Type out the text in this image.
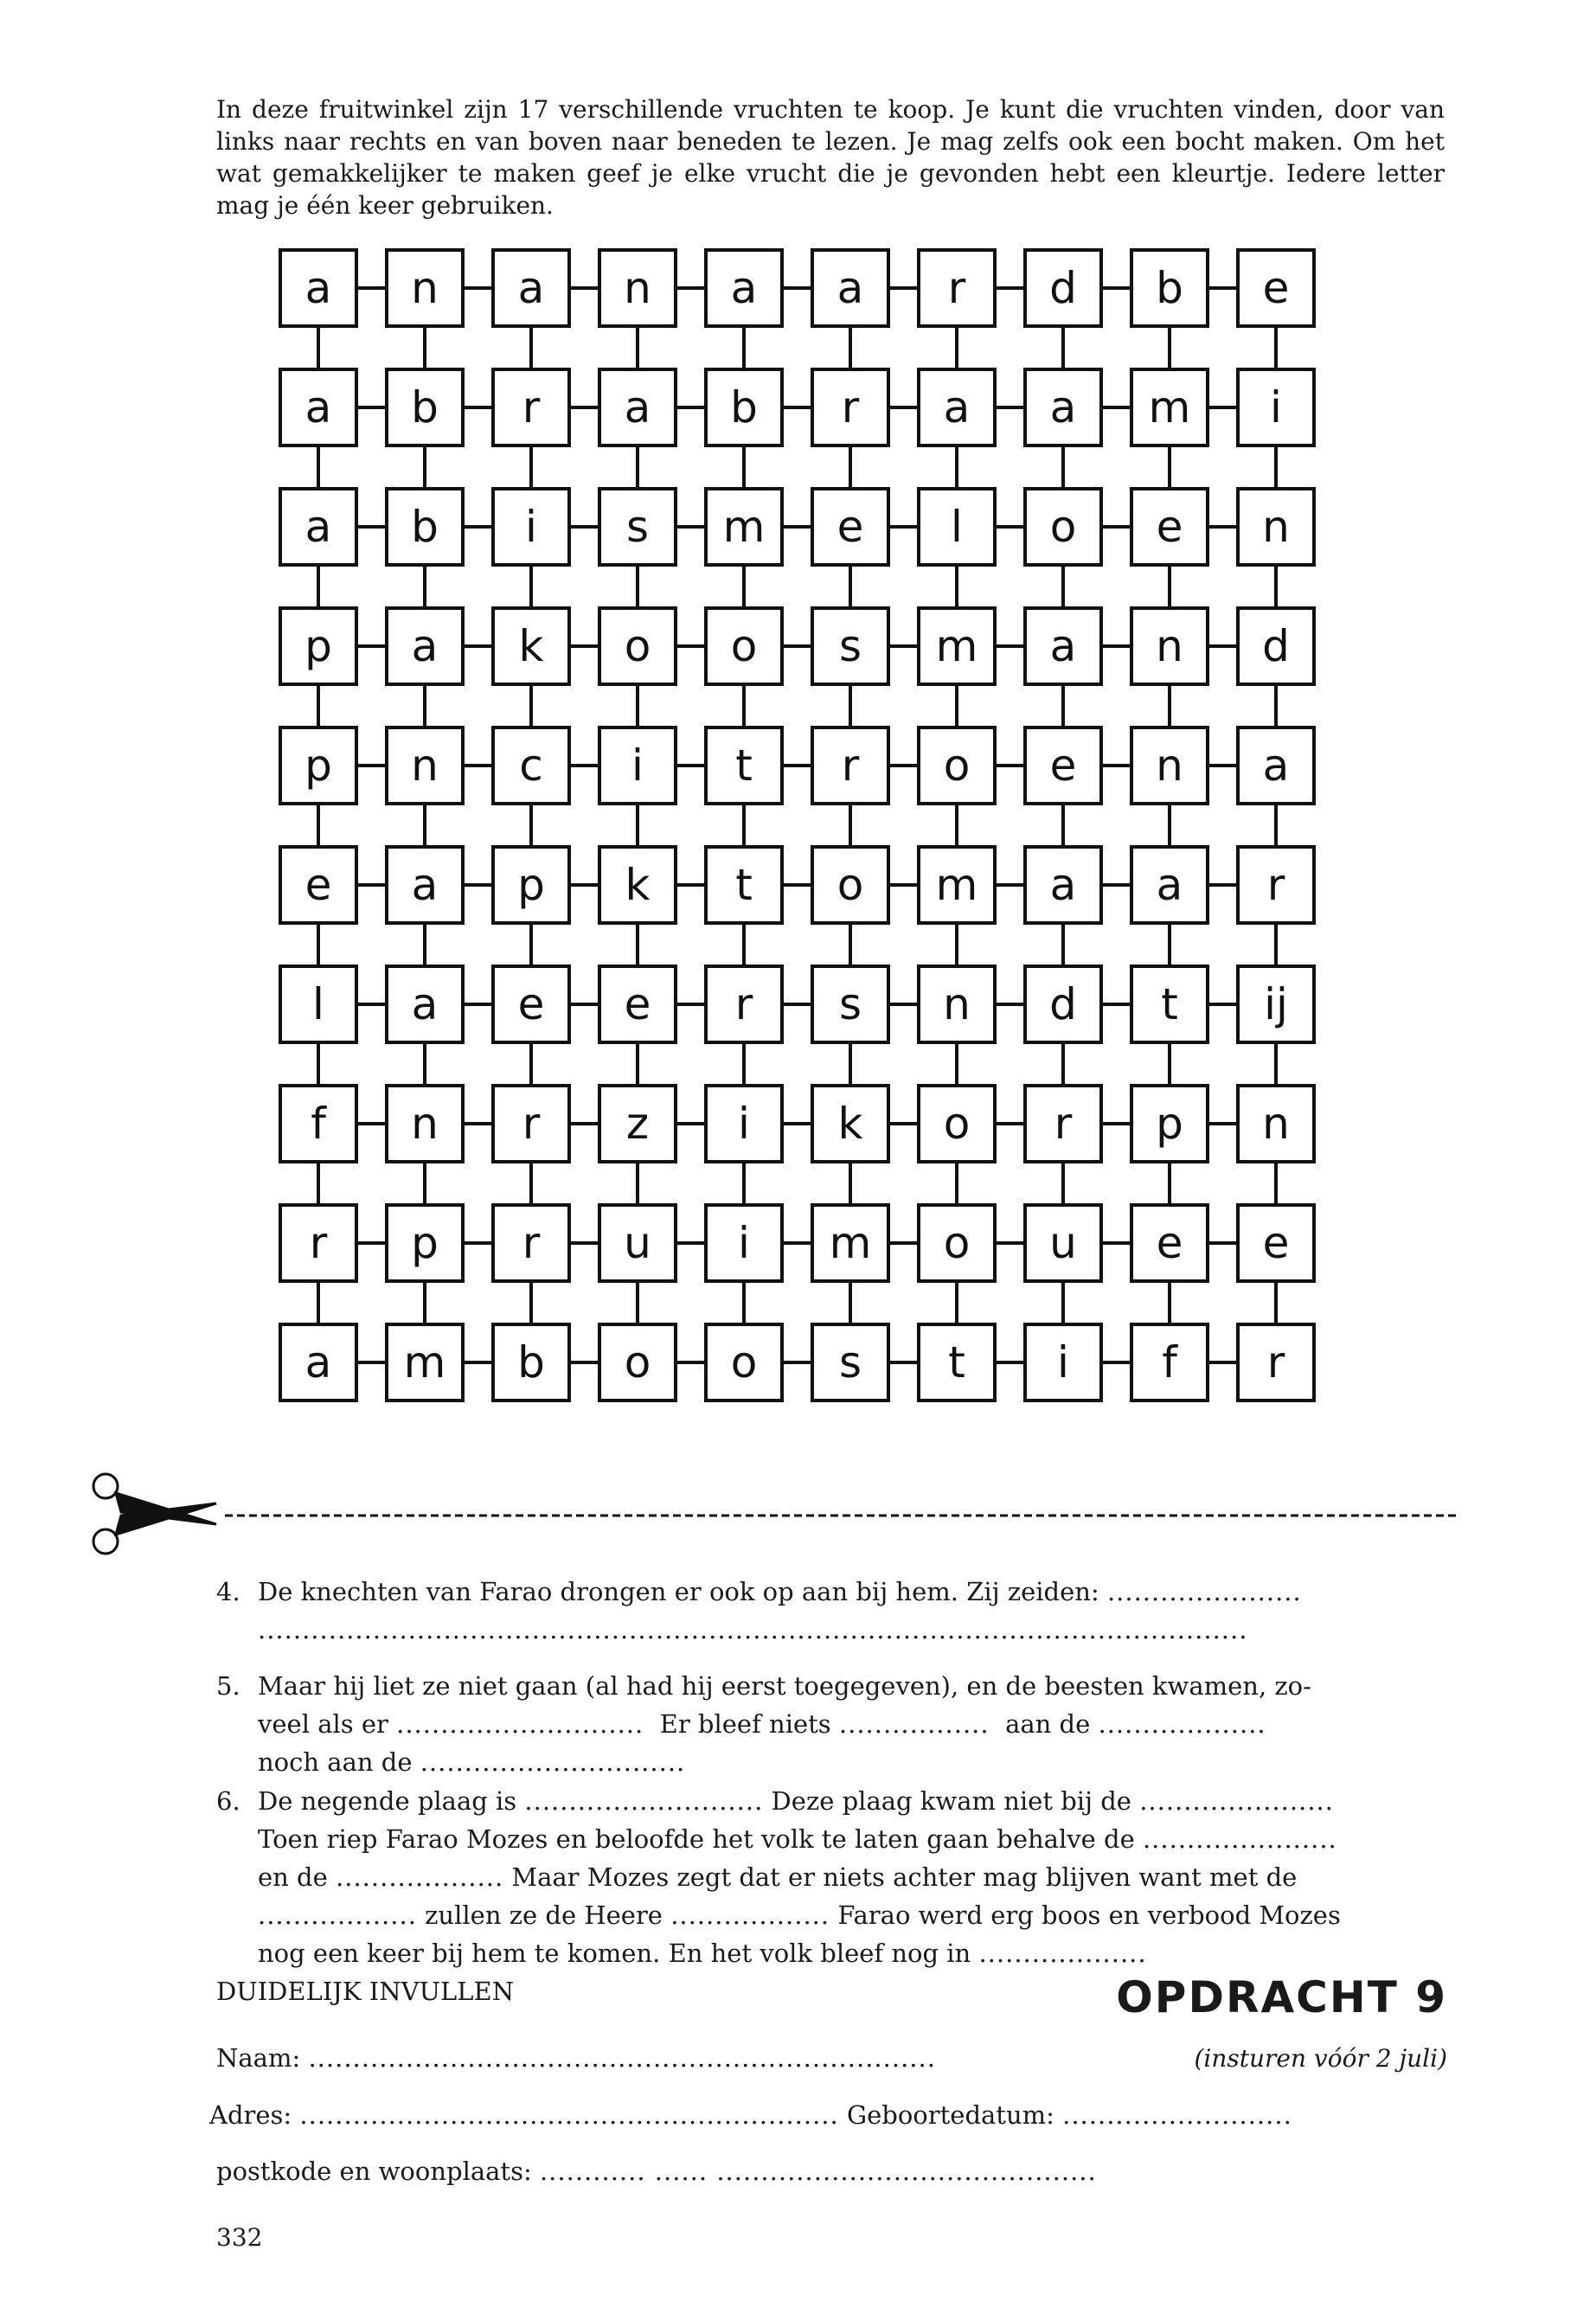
In deze fruitwinkel zijn 17 verschillende vruchten te koop. Je kunt die vruchten vinden, door van links naar rechts en van boven naar beneden te lezen. Je mag zelfs ook een bocht maken. Om het wat gemakkelijker te maken geef je elke vrucht die je gevonden hebt een kleurtje. Iedere letter mag je één keer gebruiken.

a n a n a a r d b e
a b r a b r a a m i
a b i s m e l o e n
p a k o o s m a n d
p n c i t r o e n a
e a p k t o m a a r
l a e e r s n d t ij
f n r z i k o r p n
r p r u i m o u e e
a m b o o s t i f r
4. De knechten van Farao drongen er ook op aan bij hem. Zij zeiden: ......................
................................................................................................................
5. Maar hij liet ze niet gaan (al had hij eerst toegegeven), en de beesten kwamen, zo-
veel als er ............................ Er bleef niets ................. aan de ...................
noch aan de ..............................
6. De negende plaag is ........................... Deze plaag kwam niet bij de ......................
Toen riep Farao Mozes en beloofde het volk te laten gaan behalve de ......................
en de ................... Maar Mozes zegt dat er niets achter mag blijven want met de
.................. zullen ze de Heere .................. Farao werd erg boos en verbood Mozes
nog een keer bij hem te komen. En het volk bleef nog in ...................
DUIDELIJK INVULLEN	OPDRACHT 9
(insturen vóór 2 juli)
Naam: .......................................................................
Adres: ............................................................. Geboortedatum: ..........................
postkode en woonplaats: ............ ...... ...........................................
332
